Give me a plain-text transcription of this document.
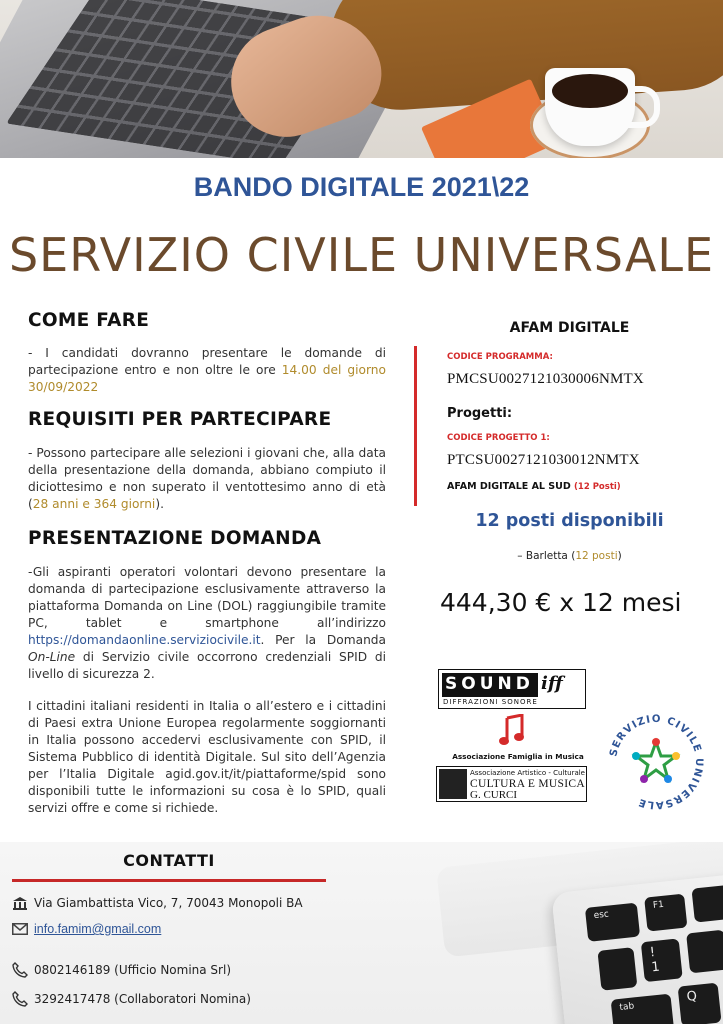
BANDO DIGITALE 2021\22
SERVIZIO CIVILE UNIVERSALE
COME FARE

- I candidati dovranno presentare le domande di partecipazione entro e non oltre le ore 14.00 del giorno 30/09/2022

REQUISITI PER PARTECIPARE

- Possono partecipare alle selezioni i giovani che, alla data della presentazione della domanda, abbiano compiuto il diciottesimo e non superato il ventottesimo anno di età (28 anni e 364 giorni).

PRESENTAZIONE DOMANDA

-Gli aspiranti operatori volontari devono presentare la domanda di partecipazione esclusivamente attraverso la piattaforma Domanda on Line (DOL) raggiungibile tramite PC, tablet e smartphone all’indirizzo https://domandaonline.serviziocivile.it. Per la Domanda On-Line di Servizio civile occorrono credenziali SPID di livello di sicurezza 2.

I cittadini italiani residenti in Italia o all’estero e i cittadini di Paesi extra Unione Europea regolarmente soggiornanti in Italia possono accedervi esclusivamente con SPID, il Sistema Pubblico di identità Digitale. Sul sito dell’Agenzia per l’Italia Digitale agid.gov.it/it/piattaforme/spid sono disponibili tutte le informazioni su cosa è lo SPID, quali servizi offre e come si richiede.

AFAM DIGITALE
CODICE PROGRAMMA:
PMCSU0027121030006NMTX
Progetti:
CODICE PROGETTO 1:
PTCSU0027121030012NMTX
AFAM DIGITALE AL SUD (12 Posti)
12 posti disponibili
– Barletta (12 posti)
444,30 € x 12 mesi
SOUND iff
DIFFRAZIONI SONORE
Associazione Famiglia in Musica
Associazione Artistico - Culturale
CULTURA E MUSICA
G. CURCI
SERVIZIO CIVILE UNIVERSALE
esc
F1
!
1
tab
Q
CONTATTI
Via Giambattista Vico, 7, 70043 Monopoli BA
info.famim@gmail.com
0802146189 (Ufficio Nomina Srl)
3292417478 (Collaboratori Nomina)
